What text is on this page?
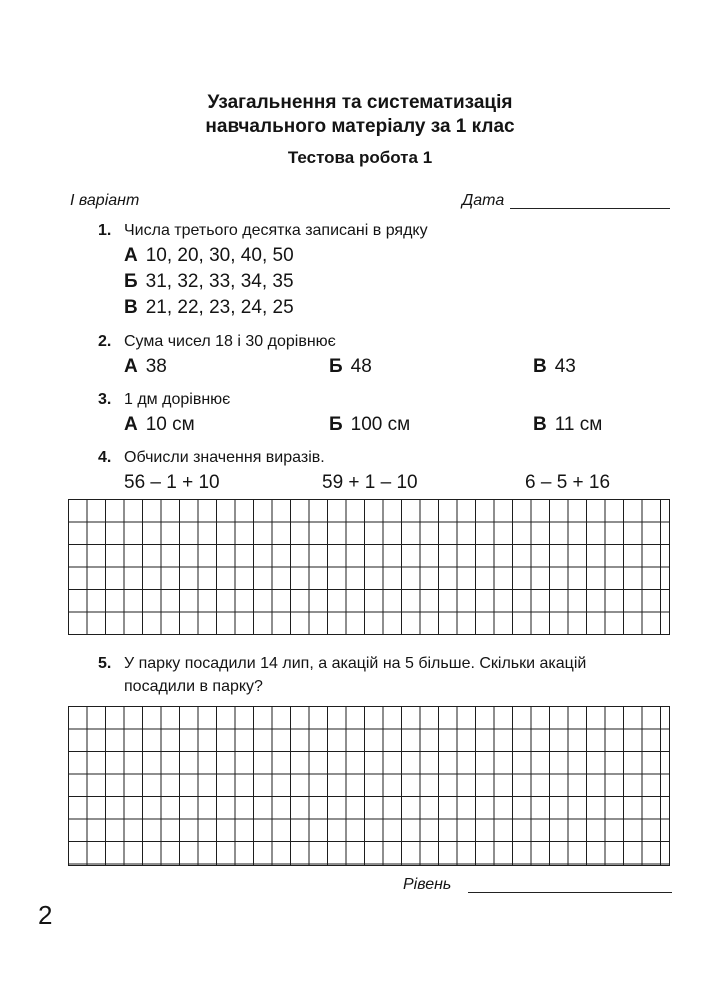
Узагальнення та систематизація
навчального матеріалу за 1 клас
Тестова робота 1
І варіант	Дата
1. Числа третього десятка записані в рядку
А 10, 20, 30, 40, 50
Б 31, 32, 33, 34, 35
В 21, 22, 23, 24, 25
2. Сума чисел 18 і 30 дорівнює
А 38	Б 48	В 43
3. 1 дм дорівнює
А 10 см	Б 100 см	В 11 см
4. Обчисли значення виразів.
56 – 1 + 10	59 + 1 – 10	6 – 5 + 16
5. У парку посадили 14 лип, а акацій на 5 більше. Скільки акацій
посадили в парку?
Рівень
2
